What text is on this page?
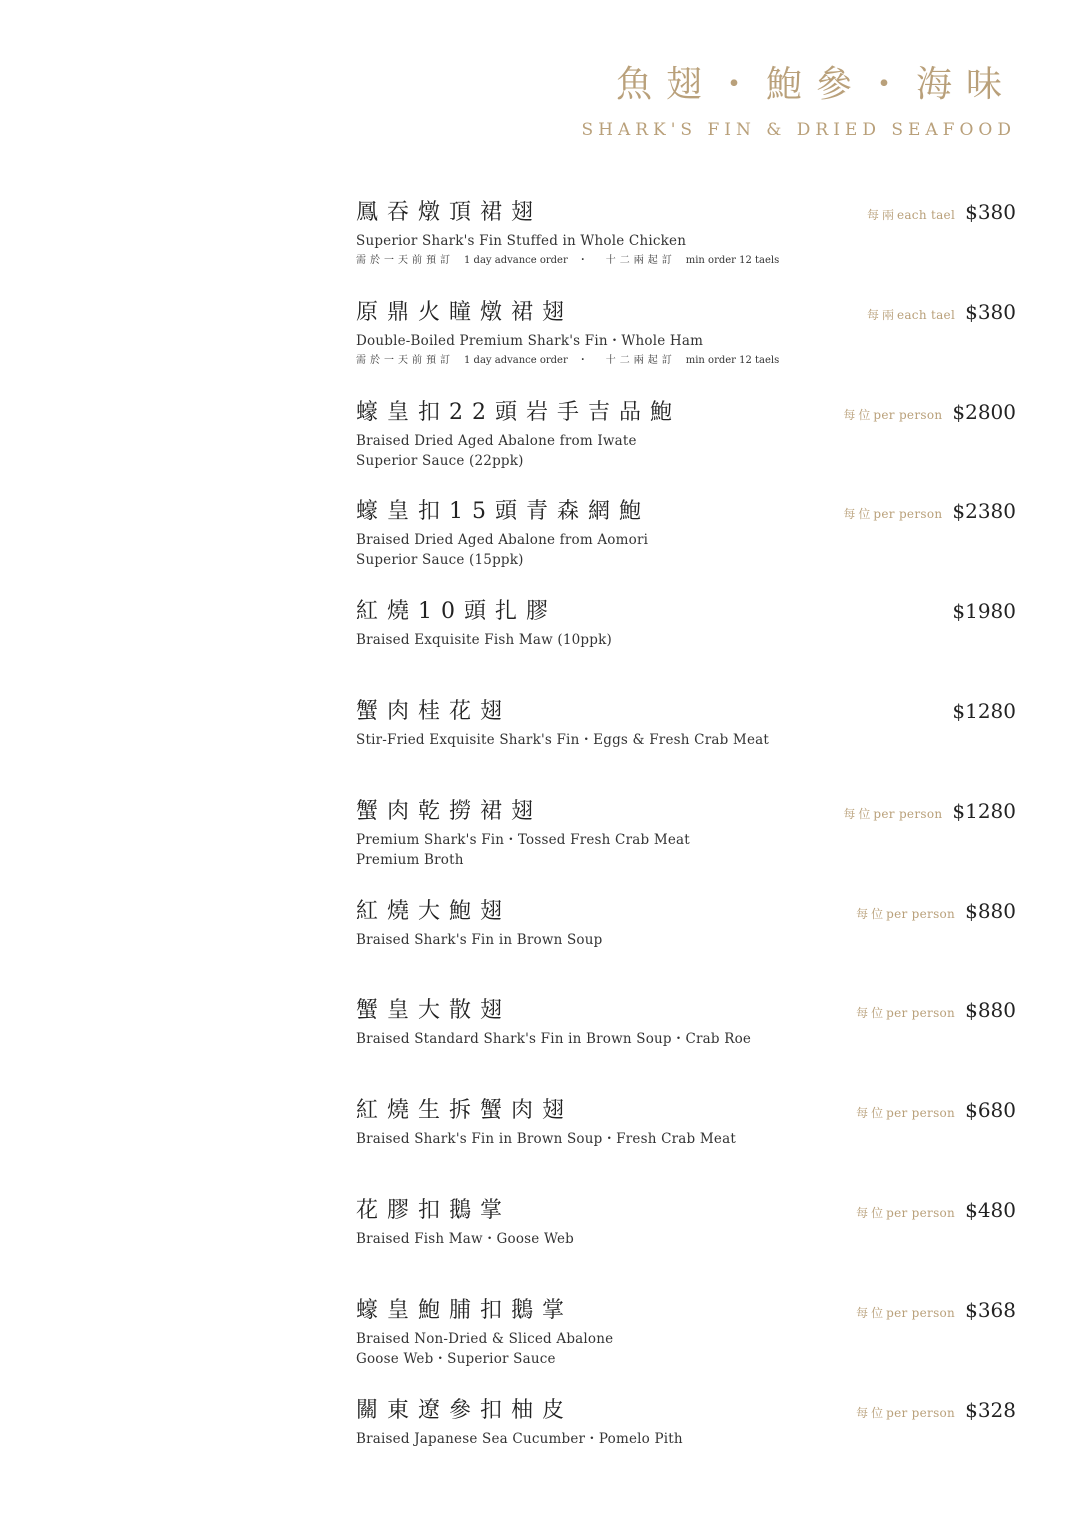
魚翅・鮑參・海味
SHARK'S FIN & DRIED SEAFOOD
鳳吞燉頂裙翅
Superior Shark's Fin Stuffed in Whole Chicken
需於一天前預訂 1 day advance order ・ 十二兩起訂 min order 12 taels
每兩each tael $380
原鼎火瞳燉裙翅
Double-Boiled Premium Shark's Fin・Whole Ham
需於一天前預訂 1 day advance order ・ 十二兩起訂 min order 12 taels
每兩each tael $380
蠔皇扣22頭岩手吉品鮑
Braised Dried Aged Abalone from Iwate
Superior Sauce (22ppk)
每位per person $2800
蠔皇扣15頭青森網鮑
Braised Dried Aged Abalone from Aomori
Superior Sauce (15ppk)
每位per person $2380
紅燒10頭扎膠
Braised Exquisite Fish Maw (10ppk)
$1980
蟹肉桂花翅
Stir-Fried Exquisite Shark's Fin・Eggs & Fresh Crab Meat
$1280
蟹肉乾撈裙翅
Premium Shark's Fin・Tossed Fresh Crab Meat
Premium Broth
每位per person $1280
紅燒大鮑翅
Braised Shark's Fin in Brown Soup
每位per person $880
蟹皇大散翅
Braised Standard Shark's Fin in Brown Soup・Crab Roe
每位per person $880
紅燒生拆蟹肉翅
Braised Shark's Fin in Brown Soup・Fresh Crab Meat
每位per person $680
花膠扣鵝掌
Braised Fish Maw・Goose Web
每位per person $480
蠔皇鮑脯扣鵝掌
Braised Non-Dried & Sliced Abalone
Goose Web・Superior Sauce
每位per person $368
關東遼參扣柚皮
Braised Japanese Sea Cucumber・Pomelo Pith
每位per person $328
